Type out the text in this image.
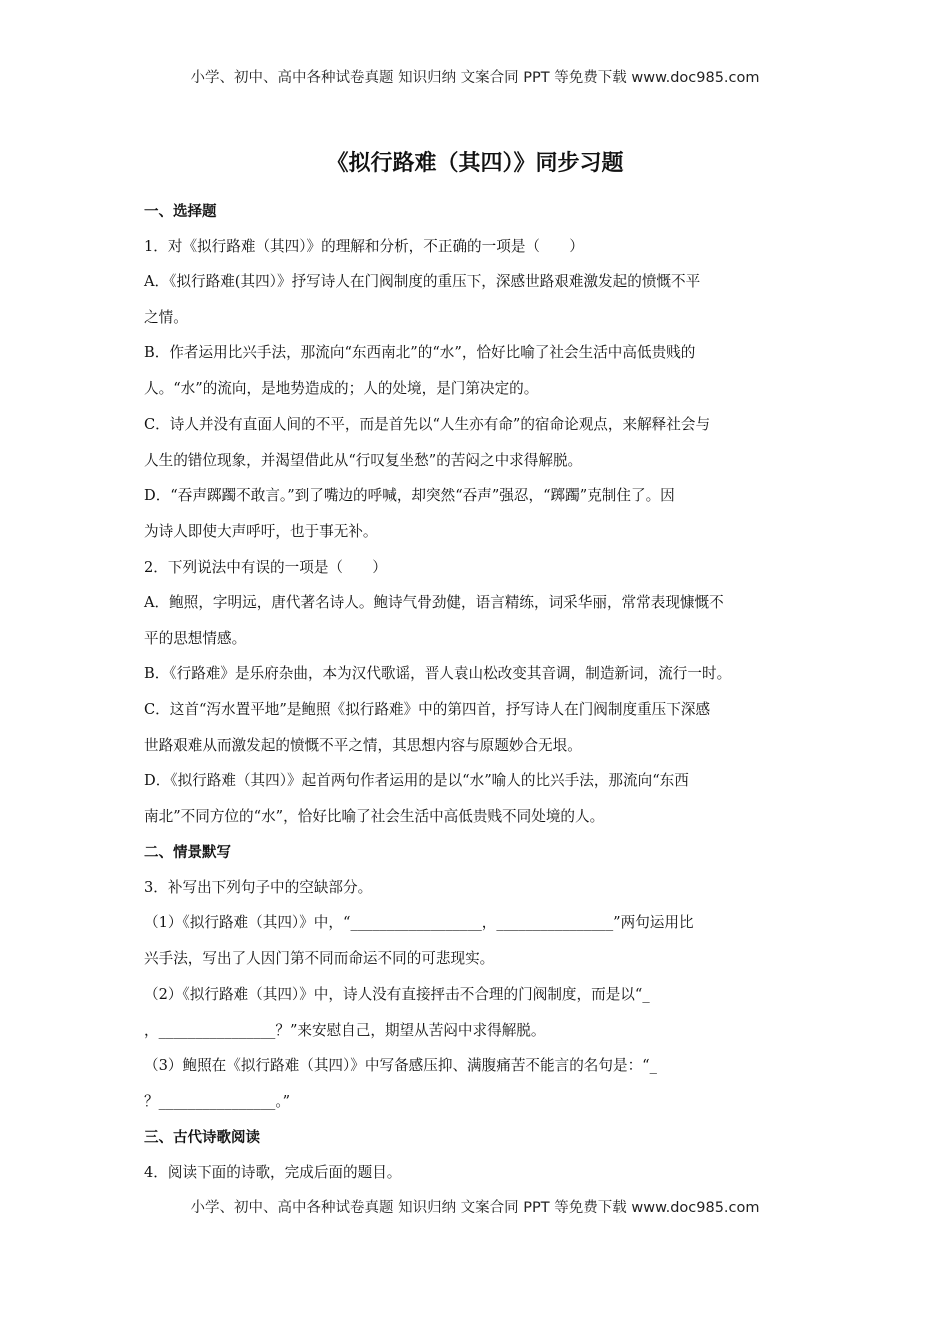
小学、初中、高中各种试卷真题 知识归纳 文案合同 PPT 等免费下载 www.doc985.com
《拟行路难（其四）》同步习题
一、选择题
1．对《拟行路难（其四）》的理解和分析，不正确的一项是（　　）
A．《拟行路难(其四）》抒写诗人在门阀制度的重压下，深感世路艰难激发起的愤慨不平
之情。
B．作者运用比兴手法，那流向“东西南北”的“水”，恰好比喻了社会生活中高低贵贱的
人。“水”的流向，是地势造成的；人的处境，是门第决定的。
C．诗人并没有直面人间的不平，而是首先以“人生亦有命”的宿命论观点，来解释社会与
人生的错位现象，并渴望借此从“行叹复坐愁”的苦闷之中求得解脱。
D．“吞声踯躅不敢言。”到了嘴边的呼喊，却突然“吞声”强忍，“踯躅”克制住了。因
为诗人即使大声呼吁，也于事无补。
2．下列说法中有误的一项是（　　）
A．鲍照，字明远，唐代著名诗人。鲍诗气骨劲健，语言精练，词采华丽，常常表现慷慨不
平的思想情感。
B．《行路难》是乐府杂曲，本为汉代歌谣，晋人袁山松改变其音调，制造新词，流行一时。
C．这首“泻水置平地”是鲍照《拟行路难》中的第四首，抒写诗人在门阀制度重压下深感
世路艰难从而激发起的愤慨不平之情，其思想内容与原题妙合无垠。
D．《拟行路难（其四）》起首两句作者运用的是以“水”喻人的比兴手法，那流向“东西
南北”不同方位的“水”，恰好比喻了社会生活中高低贵贱不同处境的人。
二、情景默写
3．补写出下列句子中的空缺部分。
（1）《拟行路难（其四）》中，“__________________，________________”两句运用比
兴手法，写出了人因门第不同而命运不同的可悲现实。
（2）《拟行路难（其四）》中，诗人没有直接抨击不合理的门阀制度，而是以“_
，________________？”来安慰自己，期望从苦闷中求得解脱。
（3）鲍照在《拟行路难（其四）》中写备感压抑、满腹痛苦不能言的名句是：“_
？________________。”
三、古代诗歌阅读
4．阅读下面的诗歌，完成后面的题目。
小学、初中、高中各种试卷真题 知识归纳 文案合同 PPT 等免费下载 www.doc985.com
